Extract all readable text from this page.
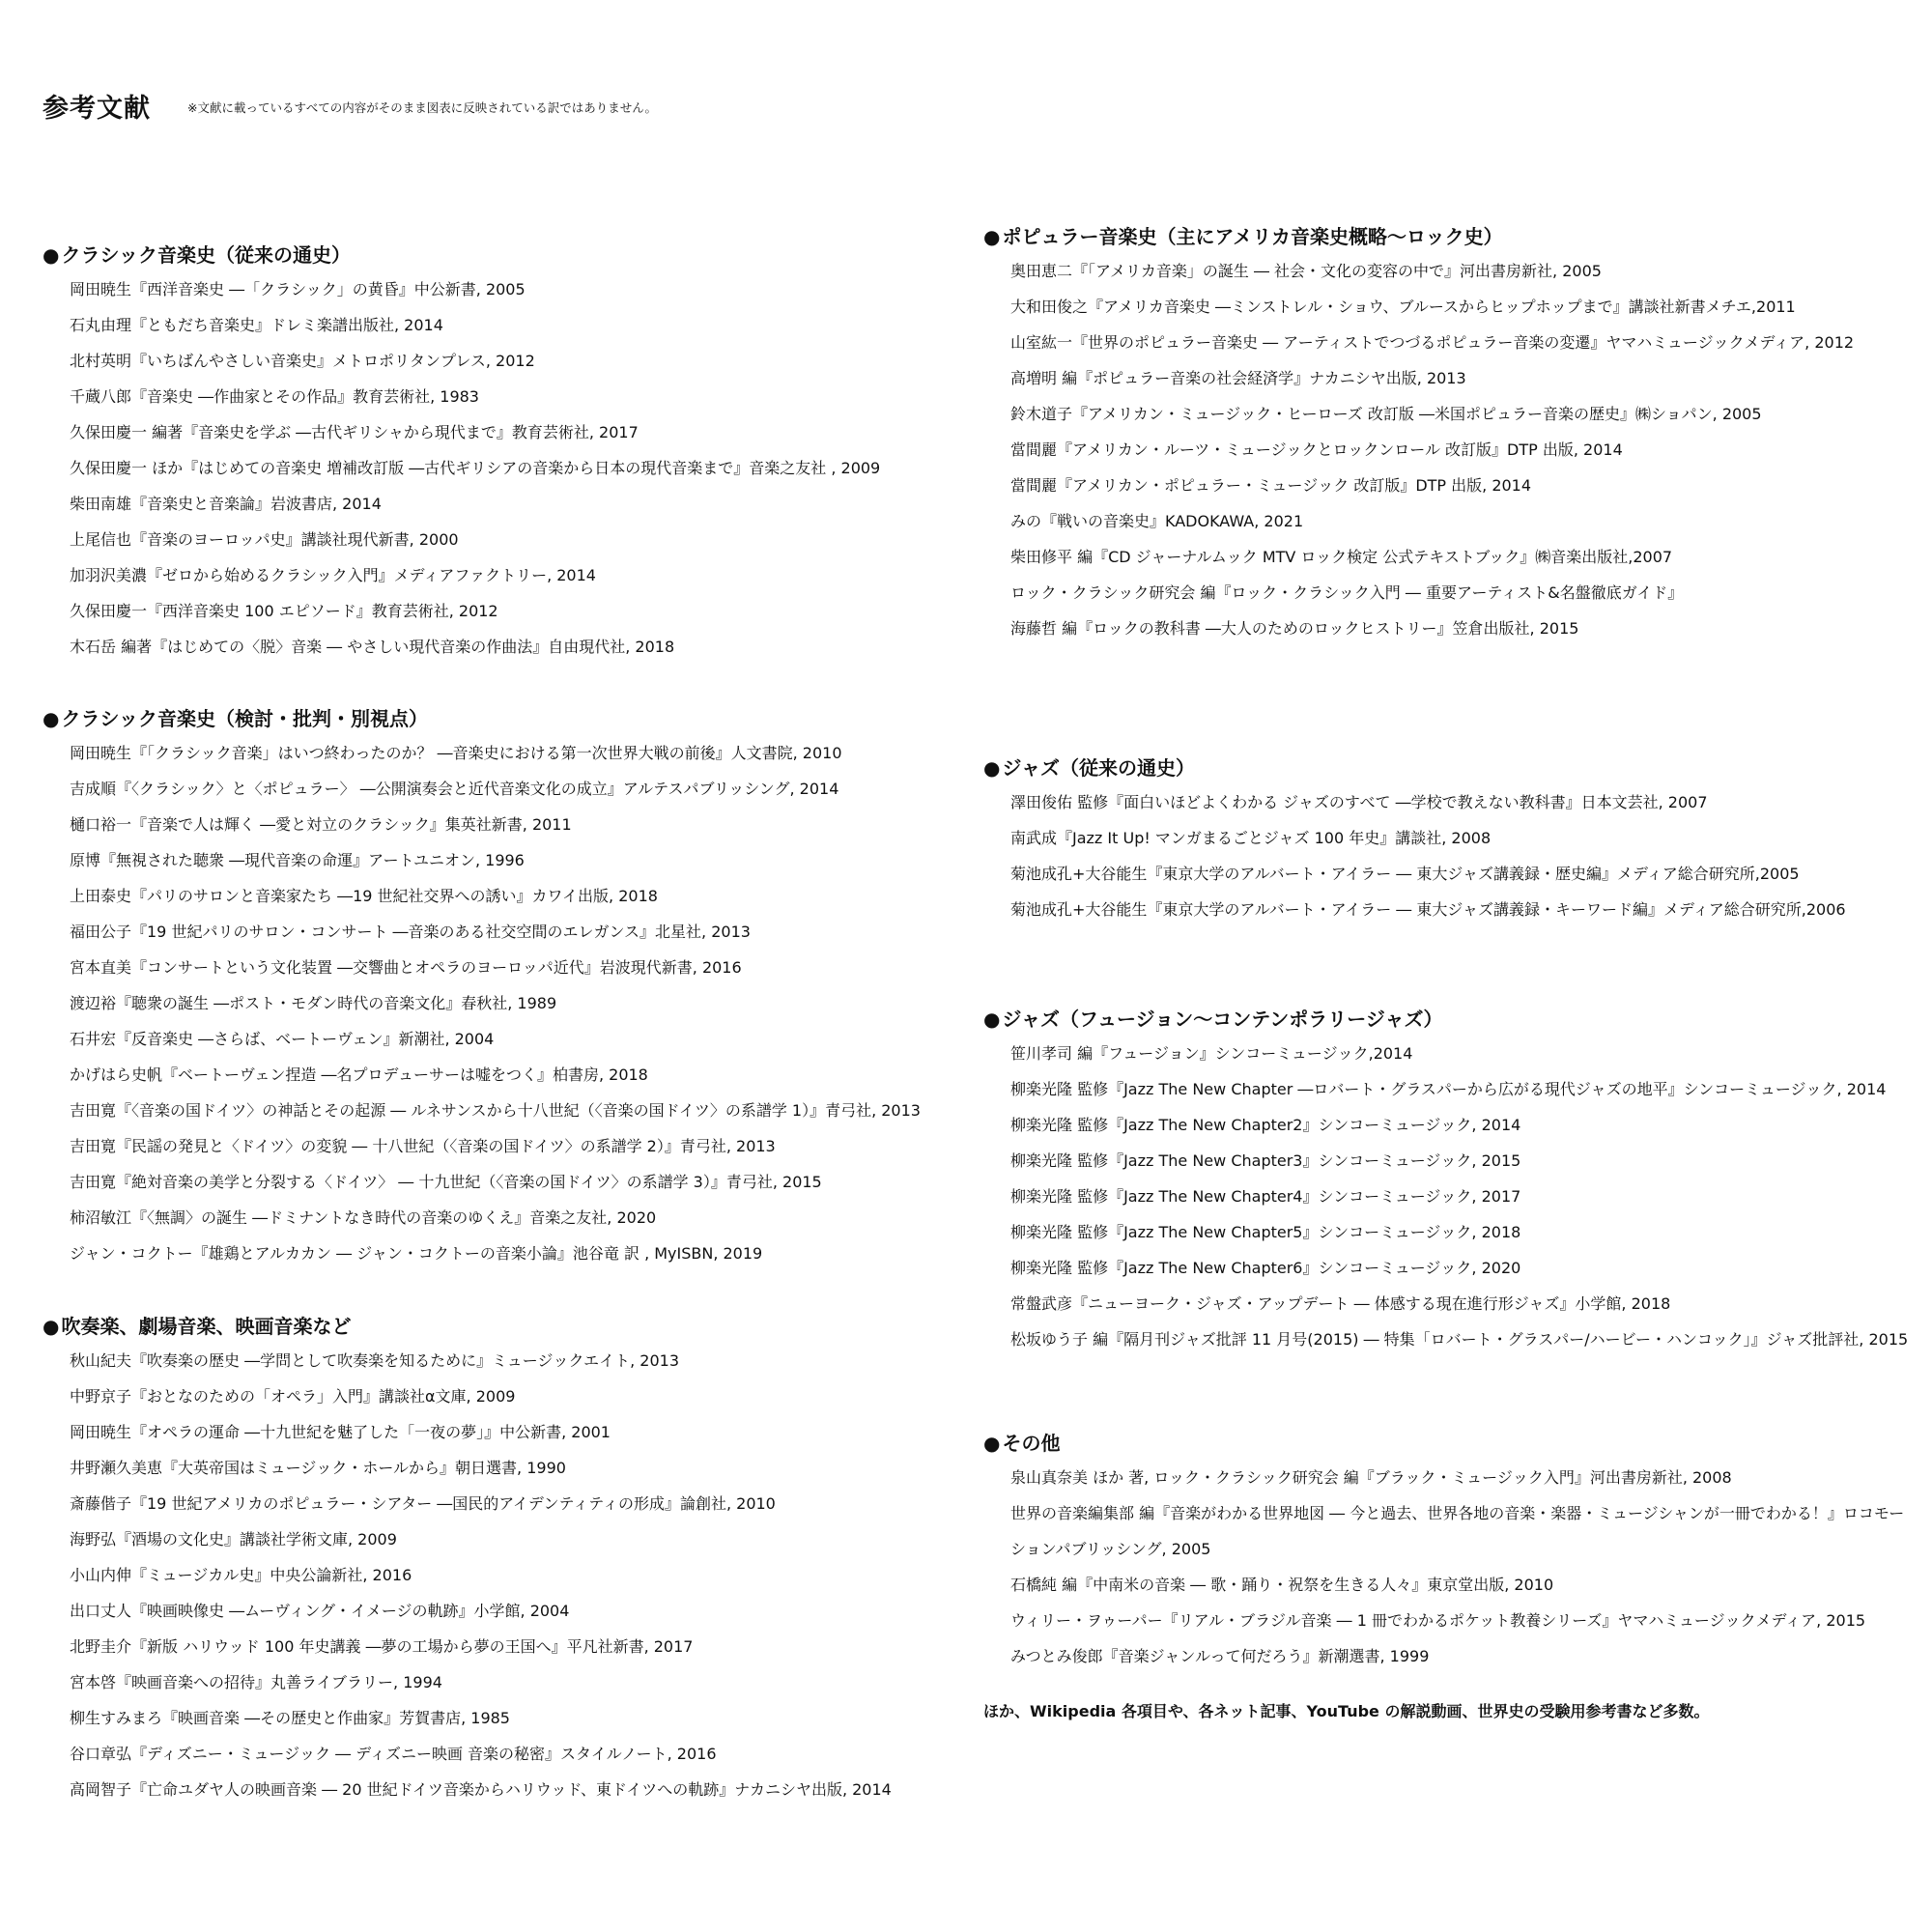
参考文献	※文献に載っているすべての内容がそのまま図表に反映されている訳ではありません。
● クラシック音楽史（従来の通史）
岡田暁生『西洋音楽史 ―「クラシック」の黄昏』中公新書, 2005
石丸由理『ともだち音楽史』ドレミ楽譜出版社, 2014
北村英明『いちばんやさしい音楽史』メトロポリタンプレス, 2012
千蔵八郎『音楽史 ―作曲家とその作品』教育芸術社, 1983
久保田慶一 編著『音楽史を学ぶ ―古代ギリシャから現代まで』教育芸術社, 2017
久保田慶一 ほか『はじめての音楽史 増補改訂版 ―古代ギリシアの音楽から日本の現代音楽まで』音楽之友社 , 2009
柴田南雄『音楽史と音楽論』岩波書店, 2014
上尾信也『音楽のヨーロッパ史』講談社現代新書, 2000
加羽沢美濃『ゼロから始めるクラシック入門』メディアファクトリー, 2014
久保田慶一『西洋音楽史 100 エピソード』教育芸術社, 2012
木石岳 編著『はじめての〈脱〉音楽 ― やさしい現代音楽の作曲法』自由現代社, 2018
● クラシック音楽史（検討・批判・別視点）
岡田暁生『「クラシック音楽」はいつ終わったのか？ ―音楽史における第一次世界大戦の前後』人文書院, 2010
吉成順『〈クラシック〉と〈ポピュラー〉 ―公開演奏会と近代音楽文化の成立』アルテスパブリッシング, 2014
樋口裕一『音楽で人は輝く ―愛と対立のクラシック』集英社新書, 2011
原博『無視された聴衆 ―現代音楽の命運』アートユニオン, 1996
上田泰史『パリのサロンと音楽家たち ―19 世紀社交界への誘い』カワイ出版, 2018
福田公子『19 世紀パリのサロン・コンサート ―音楽のある社交空間のエレガンス』北星社, 2013
宮本直美『コンサートという文化装置 ―交響曲とオペラのヨーロッパ近代』岩波現代新書, 2016
渡辺裕『聴衆の誕生 ―ポスト・モダン時代の音楽文化』春秋社, 1989
石井宏『反音楽史 ―さらば、ベートーヴェン』新潮社, 2004
かげはら史帆『ベートーヴェン捏造 ―名プロデューサーは嘘をつく』柏書房, 2018
吉田寛『〈音楽の国ドイツ〉の神話とその起源 ― ルネサンスから十八世紀（〈音楽の国ドイツ〉の系譜学 1）』青弓社, 2013
吉田寛『民謡の発見と〈ドイツ〉の変貌 ― 十八世紀（〈音楽の国ドイツ〉の系譜学 2）』青弓社, 2013
吉田寛『絶対音楽の美学と分裂する〈ドイツ〉 ― 十九世紀（〈音楽の国ドイツ〉の系譜学 3）』青弓社, 2015
柿沼敏江『〈無調〉の誕生 ―ドミナントなき時代の音楽のゆくえ』音楽之友社, 2020
ジャン・コクトー『雄鶏とアルカカン ― ジャン・コクトーの音楽小論』池谷竜 訳 , MyISBN, 2019
● 吹奏楽、劇場音楽、映画音楽など
秋山紀夫『吹奏楽の歴史 ―学問として吹奏楽を知るために』ミュージックエイト, 2013
中野京子『おとなのための「オペラ」入門』講談社α文庫, 2009
岡田暁生『オペラの運命 ―十九世紀を魅了した「一夜の夢」』中公新書, 2001
井野瀬久美恵『大英帝国はミュージック・ホールから』朝日選書, 1990
斎藤偕子『19 世紀アメリカのポピュラー・シアター ―国民的アイデンティティの形成』論創社, 2010
海野弘『酒場の文化史』講談社学術文庫, 2009
小山内伸『ミュージカル史』中央公論新社, 2016
出口丈人『映画映像史 ―ムーヴィング・イメージの軌跡』小学館, 2004
北野圭介『新版 ハリウッド 100 年史講義 ―夢の工場から夢の王国へ』平凡社新書, 2017
宮本啓『映画音楽への招待』丸善ライブラリー, 1994
柳生すみまろ『映画音楽 ―その歴史と作曲家』芳賀書店, 1985
谷口章弘『ディズニー・ミュージック ― ディズニー映画 音楽の秘密』スタイルノート, 2016
高岡智子『亡命ユダヤ人の映画音楽 ― 20 世紀ドイツ音楽からハリウッド、東ドイツへの軌跡』ナカニシヤ出版, 2014
● ポピュラー音楽史（主にアメリカ音楽史概略～ロック史）
奥田恵二『「アメリカ音楽」の誕生 ― 社会・文化の変容の中で』河出書房新社, 2005
大和田俊之『アメリカ音楽史 ―ミンストレル・ショウ、ブルースからヒップホップまで』講談社新書メチエ,2011
山室紘一『世界のポピュラー音楽史 ― アーティストでつづるポピュラー音楽の変遷』ヤマハミュージックメディア, 2012
高増明 編『ポピュラー音楽の社会経済学』ナカニシヤ出版, 2013
鈴木道子『アメリカン・ミュージック・ヒーローズ 改訂版 ―米国ポピュラー音楽の歴史』㈱ショパン, 2005
當間麗『アメリカン・ルーツ・ミュージックとロックンロール 改訂版』DTP 出版, 2014
當間麗『アメリカン・ポピュラー・ミュージック 改訂版』DTP 出版, 2014
みの『戦いの音楽史』KADOKAWA, 2021
柴田修平 編『CD ジャーナルムック MTV ロック検定 公式テキストブック』㈱音楽出版社,2007
ロック・クラシック研究会 編『ロック・クラシック入門 ― 重要アーティスト&名盤徹底ガイド』
海藤哲 編『ロックの教科書 ―大人のためのロックヒストリー』笠倉出版社, 2015
● ジャズ（従来の通史）
澤田俊佑 監修『面白いほどよくわかる ジャズのすべて ―学校で教えない教科書』日本文芸社, 2007
南武成『Jazz It Up! マンガまるごとジャズ 100 年史』講談社, 2008
菊池成孔+大谷能生『東京大学のアルバート・アイラー ― 東大ジャズ講義録・歴史編』メディア総合研究所,2005
菊池成孔+大谷能生『東京大学のアルバート・アイラー ― 東大ジャズ講義録・キーワード編』メディア総合研究所,2006
● ジャズ（フュージョン～コンテンポラリージャズ）
笹川孝司 編『フュージョン』シンコーミュージック,2014
柳楽光隆 監修『Jazz The New Chapter ―ロバート・グラスパーから広がる現代ジャズの地平』シンコーミュージック, 2014
柳楽光隆 監修『Jazz The New Chapter2』シンコーミュージック, 2014
柳楽光隆 監修『Jazz The New Chapter3』シンコーミュージック, 2015
柳楽光隆 監修『Jazz The New Chapter4』シンコーミュージック, 2017
柳楽光隆 監修『Jazz The New Chapter5』シンコーミュージック, 2018
柳楽光隆 監修『Jazz The New Chapter6』シンコーミュージック, 2020
常盤武彦『ニューヨーク・ジャズ・アップデート ― 体感する現在進行形ジャズ』小学館, 2018
松坂ゆう子 編『隔月刊ジャズ批評 11 月号(2015) ― 特集「ロバート・グラスパー/ハービー・ハンコック」』ジャズ批評社, 2015
● その他
泉山真奈美 ほか 著, ロック・クラシック研究会 編『ブラック・ミュージック入門』河出書房新社, 2008
世界の音楽編集部 編『音楽がわかる世界地図 ― 今と過去、世界各地の音楽・楽器・ミュージシャンが一冊でわかる！』ロコモーションパブリッシング, 2005
石橋純 編『中南米の音楽 ― 歌・踊り・祝祭を生きる人々』東京堂出版, 2010
ウィリー・ヲゥーパー『リアル・ブラジル音楽 ― 1 冊でわかるポケット教養シリーズ』ヤマハミュージックメディア, 2015
みつとみ俊郎『音楽ジャンルって何だろう』新潮選書, 1999
ほか、Wikipedia 各項目や、各ネット記事、YouTube の解説動画、世界史の受験用参考書など多数。
